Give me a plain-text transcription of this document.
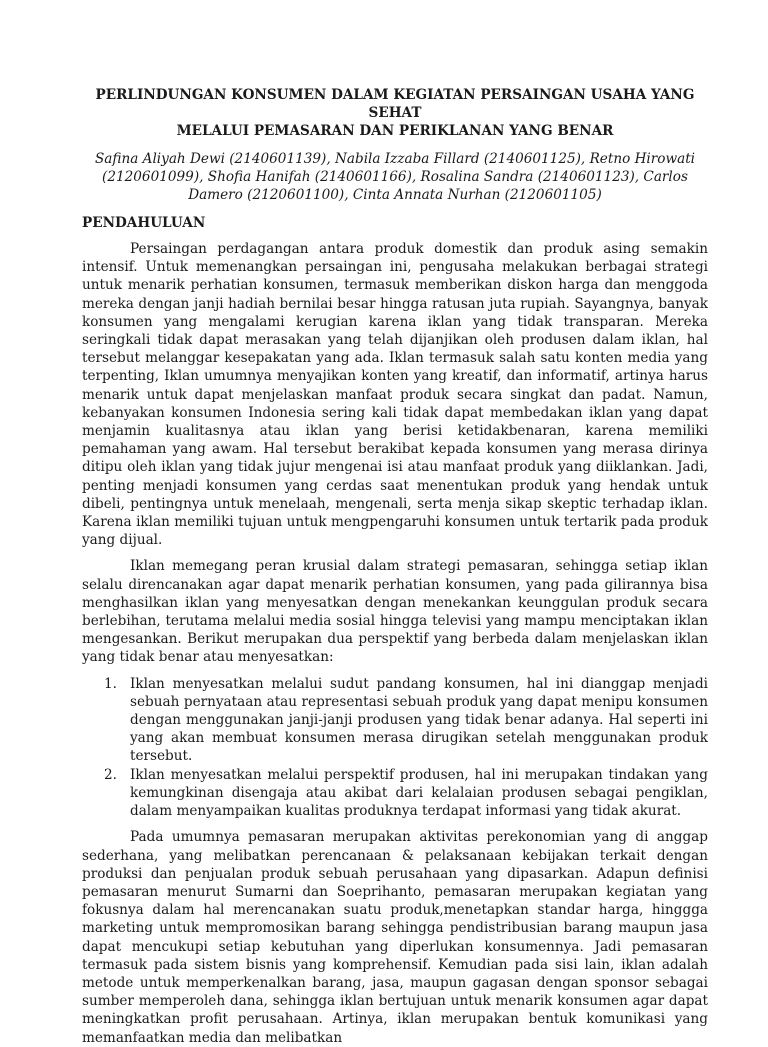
PERLINDUNGAN KONSUMEN DALAM KEGIATAN PERSAINGAN USAHA YANG SEHAT
MELALUI PEMASARAN DAN PERIKLANAN YANG BENAR
Safina Aliyah Dewi (2140601139), Nabila Izzaba Fillard (2140601125), Retno Hirowati
(2120601099), Shofia Hanifah (2140601166), Rosalina Sandra (2140601123), Carlos
Damero (2120601100), Cinta Annata Nurhan (2120601105)
PENDAHULUAN

Persaingan perdagangan antara produk domestik dan produk asing semakin intensif. Untuk memenangkan persaingan ini, pengusaha melakukan berbagai strategi untuk menarik perhatian konsumen, termasuk memberikan diskon harga dan menggoda mereka dengan janji hadiah bernilai besar hingga ratusan juta rupiah. Sayangnya, banyak konsumen yang mengalami kerugian karena iklan yang tidak transparan. Mereka seringkali tidak dapat merasakan yang telah dijanjikan oleh produsen dalam iklan, hal tersebut melanggar kesepakatan yang ada. Iklan termasuk salah satu konten media yang terpenting, Iklan umumnya menyajikan konten yang kreatif, dan informatif, artinya harus menarik untuk dapat menjelaskan manfaat produk secara singkat dan padat. Namun, kebanyakan konsumen Indonesia sering kali tidak dapat membedakan iklan yang dapat menjamin kualitasnya atau iklan yang berisi ketidakbenaran, karena memiliki pemahaman yang awam. Hal tersebut berakibat kepada konsumen yang merasa dirinya ditipu oleh iklan yang tidak jujur mengenai isi atau manfaat produk yang diiklankan. Jadi, penting menjadi konsumen yang cerdas saat menentukan produk yang hendak untuk dibeli, pentingnya untuk menelaah, mengenali, serta menja sikap skeptic terhadap iklan. Karena iklan memiliki tujuan untuk mengpengaruhi konsumen untuk tertarik pada produk yang dijual.

Iklan memegang peran krusial dalam strategi pemasaran, sehingga setiap iklan selalu direncanakan agar dapat menarik perhatian konsumen, yang pada gilirannya bisa menghasilkan iklan yang menyesatkan dengan menekankan keunggulan produk secara berlebihan, terutama melalui media sosial hingga televisi yang mampu menciptakan iklan mengesankan. Berikut merupakan dua perspektif yang berbeda dalam menjelaskan iklan yang tidak benar atau menyesatkan:

1. Iklan menyesatkan melalui sudut pandang konsumen, hal ini dianggap menjadi sebuah pernyataan atau representasi sebuah produk yang dapat menipu konsumen dengan menggunakan janji-janji produsen yang tidak benar adanya. Hal seperti ini yang akan membuat konsumen merasa dirugikan setelah menggunakan produk tersebut.
2. Iklan menyesatkan melalui perspektif produsen, hal ini merupakan tindakan yang kemungkinan disengaja atau akibat dari kelalaian produsen sebagai pengiklan, dalam menyampaikan kualitas produknya terdapat informasi yang tidak akurat.

Pada umumnya pemasaran merupakan aktivitas perekonomian yang di anggap sederhana, yang melibatkan perencanaan & pelaksanaan kebijakan terkait dengan produksi dan penjualan produk sebuah perusahaan yang dipasarkan. Adapun definisi pemasaran menurut Sumarni dan Soeprihanto, pemasaran merupakan kegiatan yang fokusnya dalam hal merencanakan suatu produk,menetapkan standar harga, hinggga marketing untuk mempromosikan barang sehingga pendistribusian barang maupun jasa dapat mencukupi setiap kebutuhan yang diperlukan konsumennya. Jadi pemasaran termasuk pada sistem bisnis yang komprehensif. Kemudian pada sisi lain, iklan adalah metode untuk memperkenalkan barang, jasa, maupun gagasan dengan sponsor sebagai sumber memperoleh dana, sehingga iklan bertujuan untuk menarik konsumen agar dapat meningkatkan profit perusahaan. Artinya, iklan merupakan bentuk komunikasi yang memanfaatkan media dan melibatkan
